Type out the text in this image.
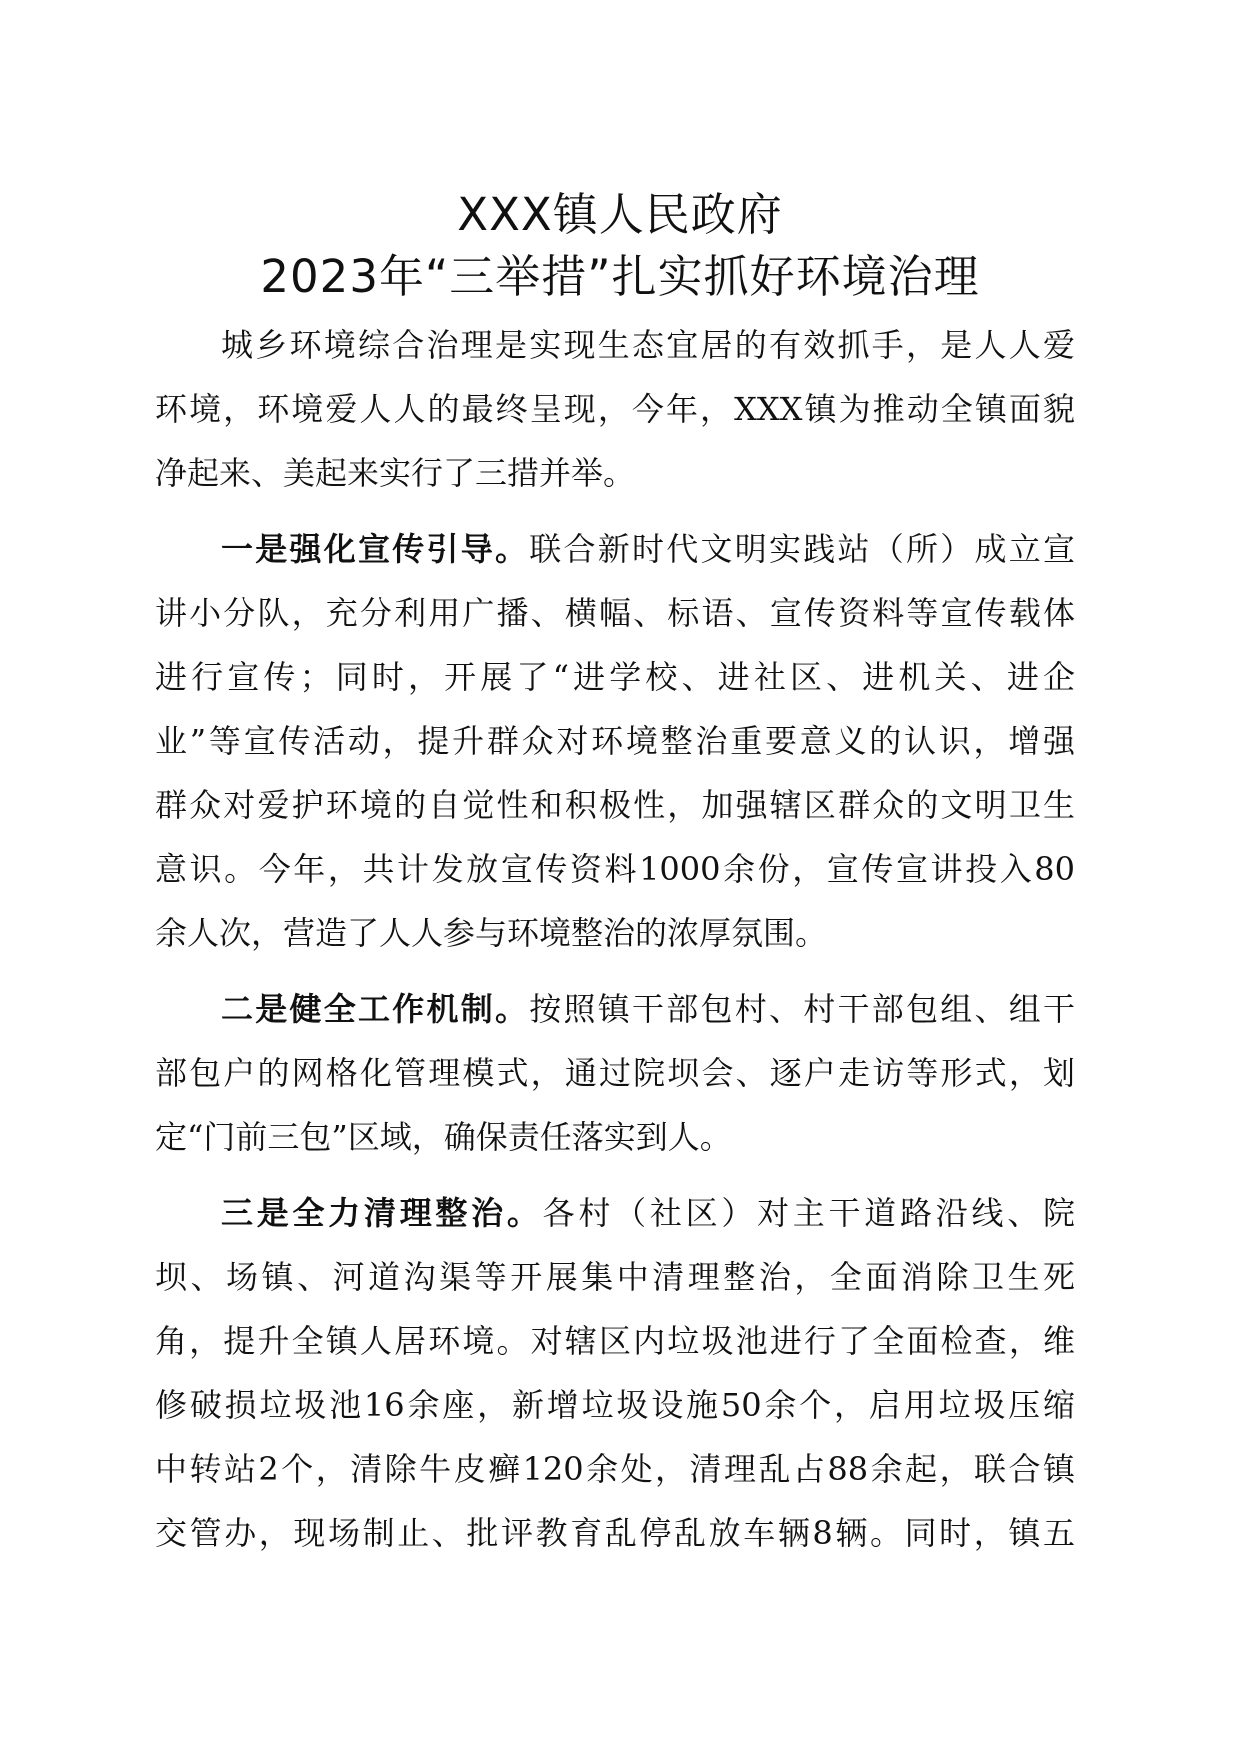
XXX镇人民政府
2023年“三举措”扎实抓好环境治理
城乡环境综合治理是实现生态宜居的有效抓手，是人人爱
环境，环境爱人人的最终呈现，今年，XXX镇为推动全镇面貌
净起来、美起来实行了三措并举。
一是强化宣传引导。联合新时代文明实践站（所）成立宣
讲小分队，充分利用广播、横幅、标语、宣传资料等宣传载体
进行宣传；同时，开展了“进学校、进社区、进机关、进企
业”等宣传活动，提升群众对环境整治重要意义的认识，增强
群众对爱护环境的自觉性和积极性，加强辖区群众的文明卫生
意识。今年，共计发放宣传资料1000余份，宣传宣讲投入80
余人次，营造了人人参与环境整治的浓厚氛围。
二是健全工作机制。按照镇干部包村、村干部包组、组干
部包户的网格化管理模式，通过院坝会、逐户走访等形式，划
定“门前三包”区域，确保责任落实到人。
三是全力清理整治。各村（社区）对主干道路沿线、院
坝、场镇、河道沟渠等开展集中清理整治，全面消除卫生死
角，提升全镇人居环境。对辖区内垃圾池进行了全面检查，维
修破损垃圾池16余座，新增垃圾设施50余个，启用垃圾压缩
中转站2个，清除牛皮癣120余处，清理乱占88余起，联合镇
交管办，现场制止、批评教育乱停乱放车辆8辆。同时，镇五
